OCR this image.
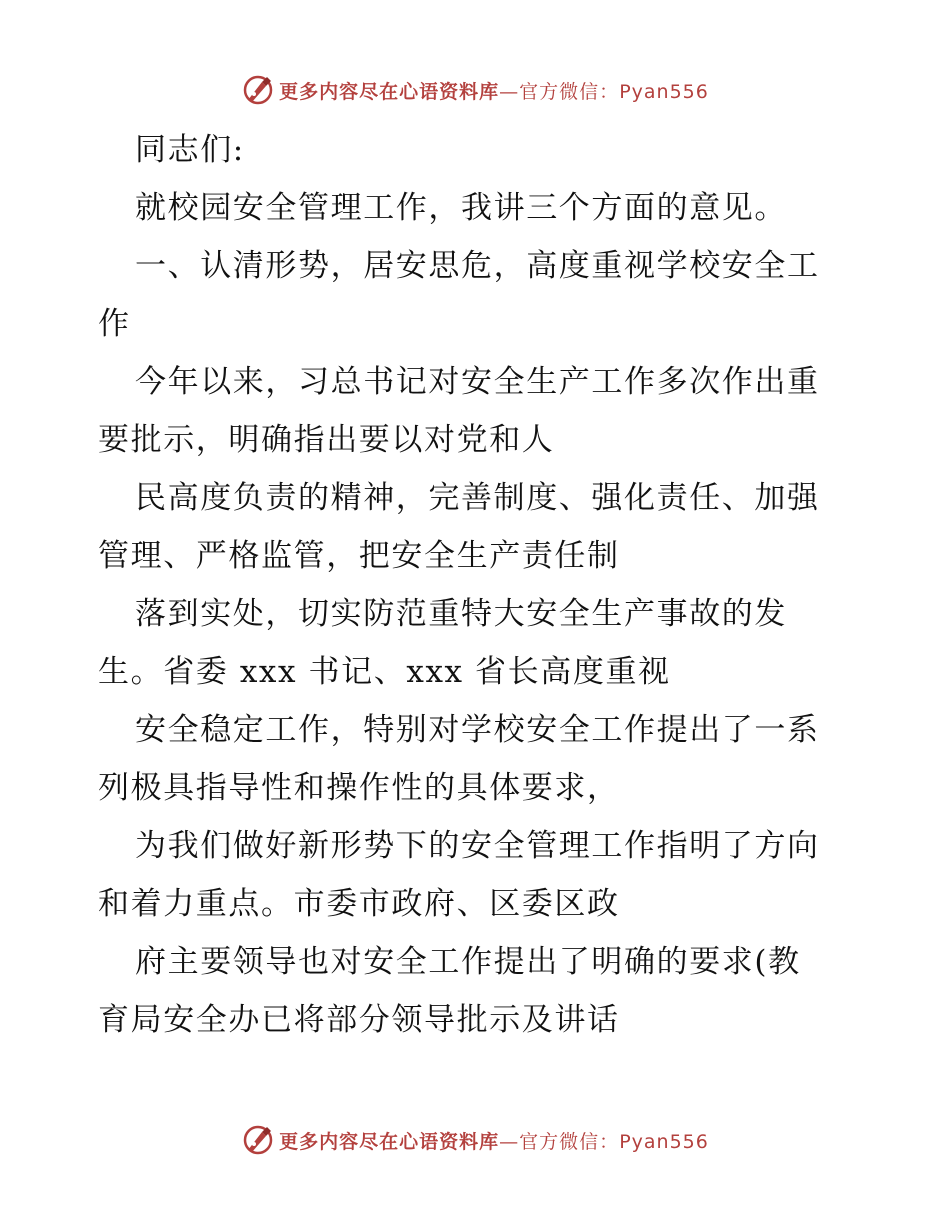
更多内容尽在心语资料库—官方微信：Pyan556
同志们:
就校园安全管理工作，我讲三个方面的意见。
一、认清形势，居安思危，高度重视学校安全工
作
今年以来，习总书记对安全生产工作多次作出重
要批示，明确指出要以对党和人
民高度负责的精神，完善制度、强化责任、加强
管理、严格监管，把安全生产责任制
落到实处，切实防范重特大安全生产事故的发
生。省委 xxx 书记、xxx 省长高度重视
安全稳定工作，特别对学校安全工作提出了一系
列极具指导性和操作性的具体要求，
为我们做好新形势下的安全管理工作指明了方向
和着力重点。市委市政府、区委区政
府主要领导也对安全工作提出了明确的要求(教
育局安全办已将部分领导批示及讲话
更多内容尽在心语资料库—官方微信：Pyan556
